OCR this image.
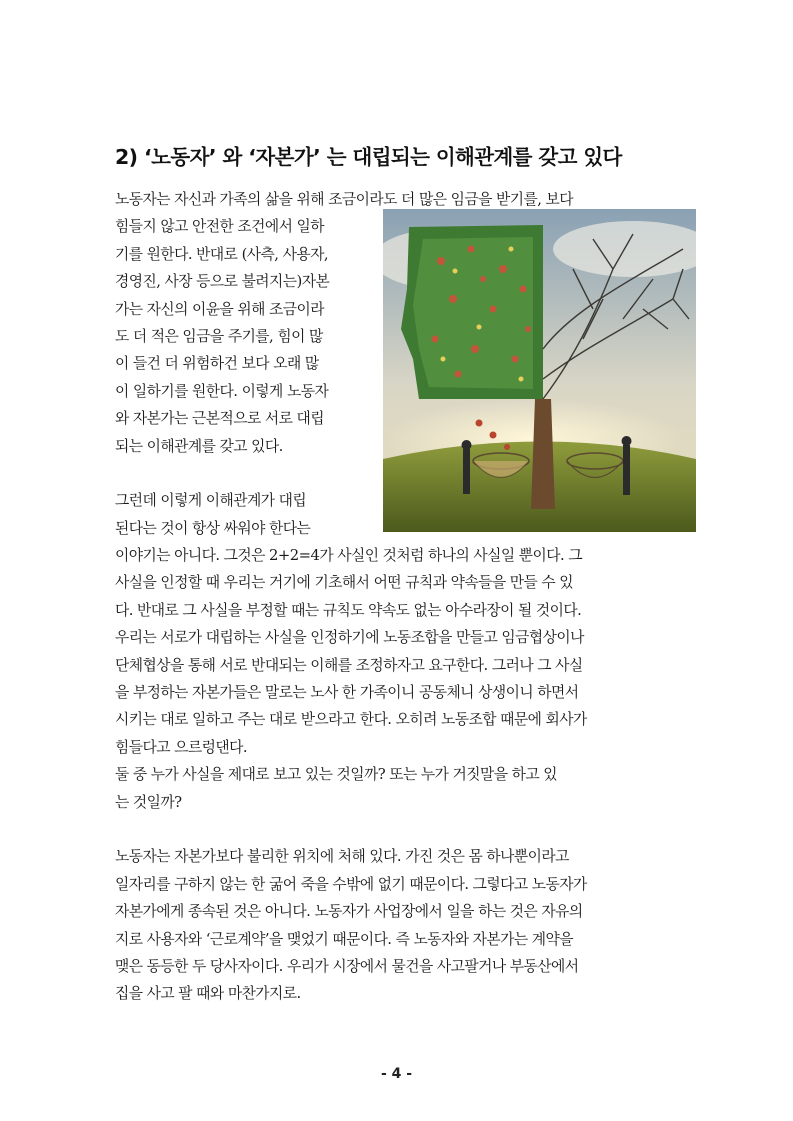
2) ‘노동자’ 와 ‘자본가’ 는 대립되는 이해관계를 갖고 있다
노동자는 자신과 가족의 삶을 위해 조금이라도 더 많은 임금을 받기를, 보다
힘들지 않고 안전한 조건에서 일하
기를 원한다. 반대로 (사측, 사용자,
경영진, 사장 등으로 불려지는)자본
가는 자신의 이윤을 위해 조금이라
도 더 적은 임금을 주기를, 힘이 많
이 들건 더 위험하건 보다 오래 많
이 일하기를 원한다. 이렇게 노동자
와 자본가는 근본적으로 서로 대립
되는 이해관계를 갖고 있다.
그런데 이렇게 이해관계가 대립
된다는 것이 항상 싸워야 한다는
이야기는 아니다. 그것은 2+2=4가 사실인 것처럼 하나의 사실일 뿐이다. 그
사실을 인정할 때 우리는 거기에 기초해서 어떤 규칙과 약속들을 만들 수 있
다. 반대로 그 사실을 부정할 때는 규칙도 약속도 없는 아수라장이 될 것이다.
우리는 서로가 대립하는 사실을 인정하기에 노동조합을 만들고 임금협상이나
단체협상을 통해 서로 반대되는 이해를 조정하자고 요구한다. 그러나 그 사실
을 부정하는 자본가들은 말로는 노사 한 가족이니 공동체니 상생이니 하면서
시키는 대로 일하고 주는 대로 받으라고 한다. 오히려 노동조합 때문에 회사가
힘들다고 으르렁댄다.
둘 중 누가 사실을 제대로 보고 있는 것일까? 또는 누가 거짓말을 하고 있
는 것일까?
노동자는 자본가보다 불리한 위치에 처해 있다. 가진 것은 몸 하나뿐이라고
일자리를 구하지 않는 한 굶어 죽을 수밖에 없기 때문이다. 그렇다고 노동자가
자본가에게 종속된 것은 아니다. 노동자가 사업장에서 일을 하는 것은 자유의
지로 사용자와 ‘근로계약’을 맺었기 때문이다. 즉 노동자와 자본가는 계약을
맺은 동등한 두 당사자이다. 우리가 시장에서 물건을 사고팔거나 부동산에서
집을 사고 팔 때와 마찬가지로.
- 4 -
